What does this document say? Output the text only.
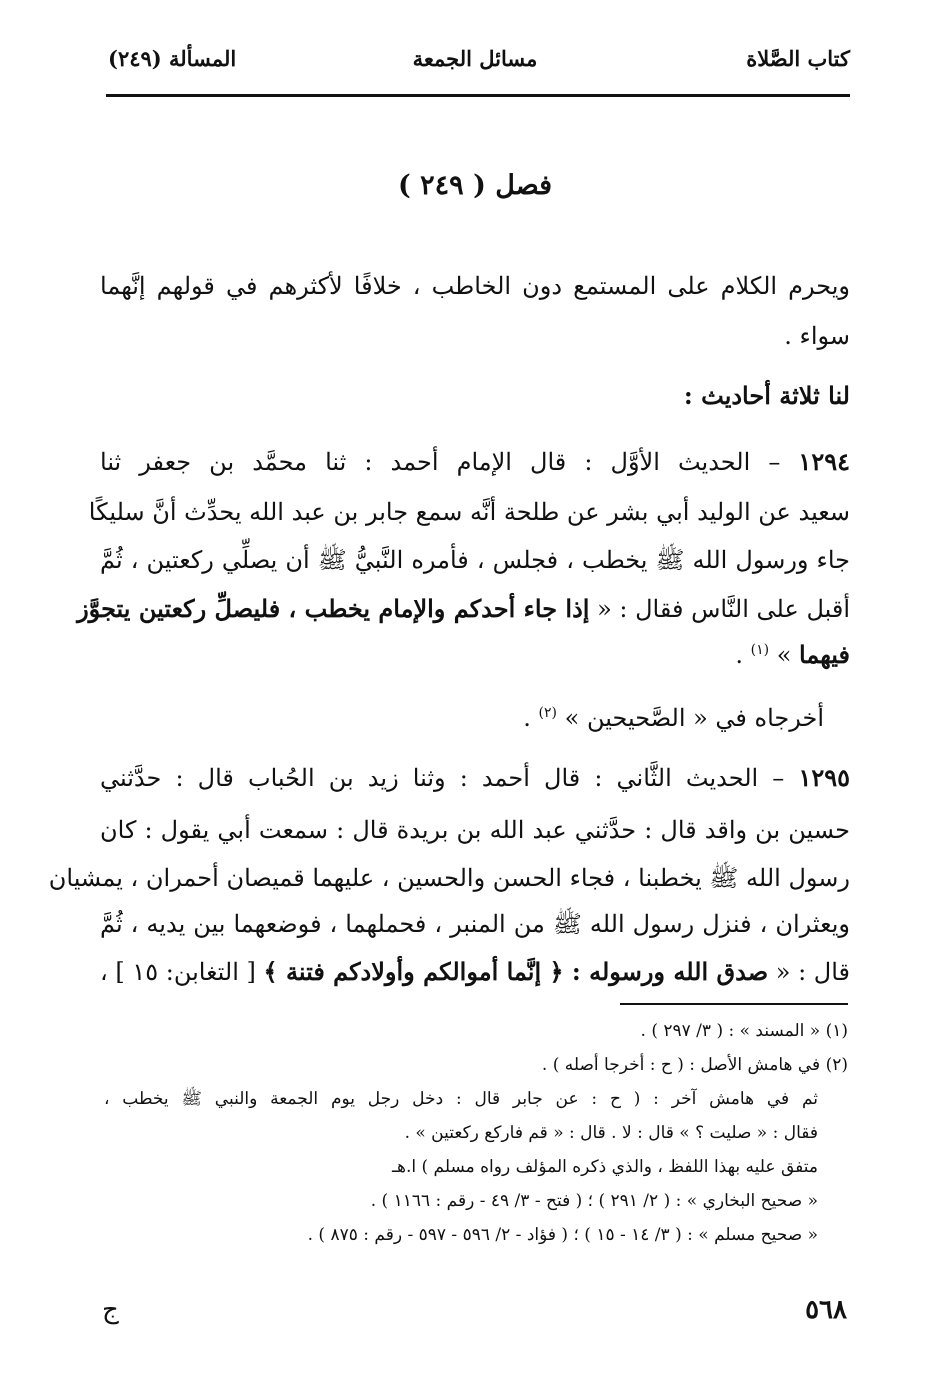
كتاب الصَّلاة
مسائل الجمعة
المسألة (٢٤٩)
فصل ( ٢٤٩ )
ويحرم الكلام على المستمع دون الخاطب ، خلافًا لأكثرهم في قولهم إنَّهما
سواء .
لنا ثلاثة أحاديث :
١٢٩٤ – الحديث الأوَّل : قال الإمام أحمد : ثنا محمَّد بن جعفر ثنا
سعيد عن الوليد أبي بشر عن طلحة أنَّه سمع جابر بن عبد الله يحدِّث أنَّ سليكًا
جاء ورسول الله ﷺ يخطب ، فجلس ، فأمره النَّبيُّ ﷺ أن يصلِّي ركعتين ، ثُمَّ
أقبل على النَّاس فقال : « إذا جاء أحدكم والإمام يخطب ، فليصلِّ ركعتين يتجوَّز
فيهما » $^{(١)}$ .
أخرجاه في « الصَّحيحين » $^{(٢)}$ .
١٢٩٥ – الحديث الثَّاني : قال أحمد : وثنا زيد بن الحُباب قال : حدَّثني
حسين بن واقد قال : حدَّثني عبد الله بن بريدة قال : سمعت أبي يقول : كان
رسول الله ﷺ يخطبنا ، فجاء الحسن والحسين ، عليهما قميصان أحمران ، يمشيان
ويعثران ، فنزل رسول الله ﷺ من المنبر ، فحملهما ، فوضعهما بين يديه ، ثُمَّ
قال : « صدق الله ورسوله : ﴿ إنَّما أموالكم وأولادكم فتنة ﴾ [ التغابن: ١٥ ] ،
(١) « المسند » : ( ٣/ ٢٩٧ ) .
(٢) في هامش الأصل : ( ح : أخرجا أصله ) .
ثم في هامش آخر : ( ح : عن جابر قال : دخل رجل يوم الجمعة والنبي ﷺ يخطب ،
فقال : « صليت ؟ » قال : لا . قال : « قم فاركع ركعتين » .
متفق عليه بهذا اللفظ ، والذي ذكره المؤلف رواه مسلم ) ا.هـ
« صحيح البخاري » : ( ٢/ ٢٩١ ) ؛ ( فتح - ٣/ ٤٩ - رقم : ١١٦٦ ) .
« صحيح مسلم » : ( ٣/ ١٤ - ١٥ ) ؛ ( فؤاد - ٢/ ٥٩٦ - ٥٩٧ - رقم : ٨٧٥ ) .
٥٦٨
ج
